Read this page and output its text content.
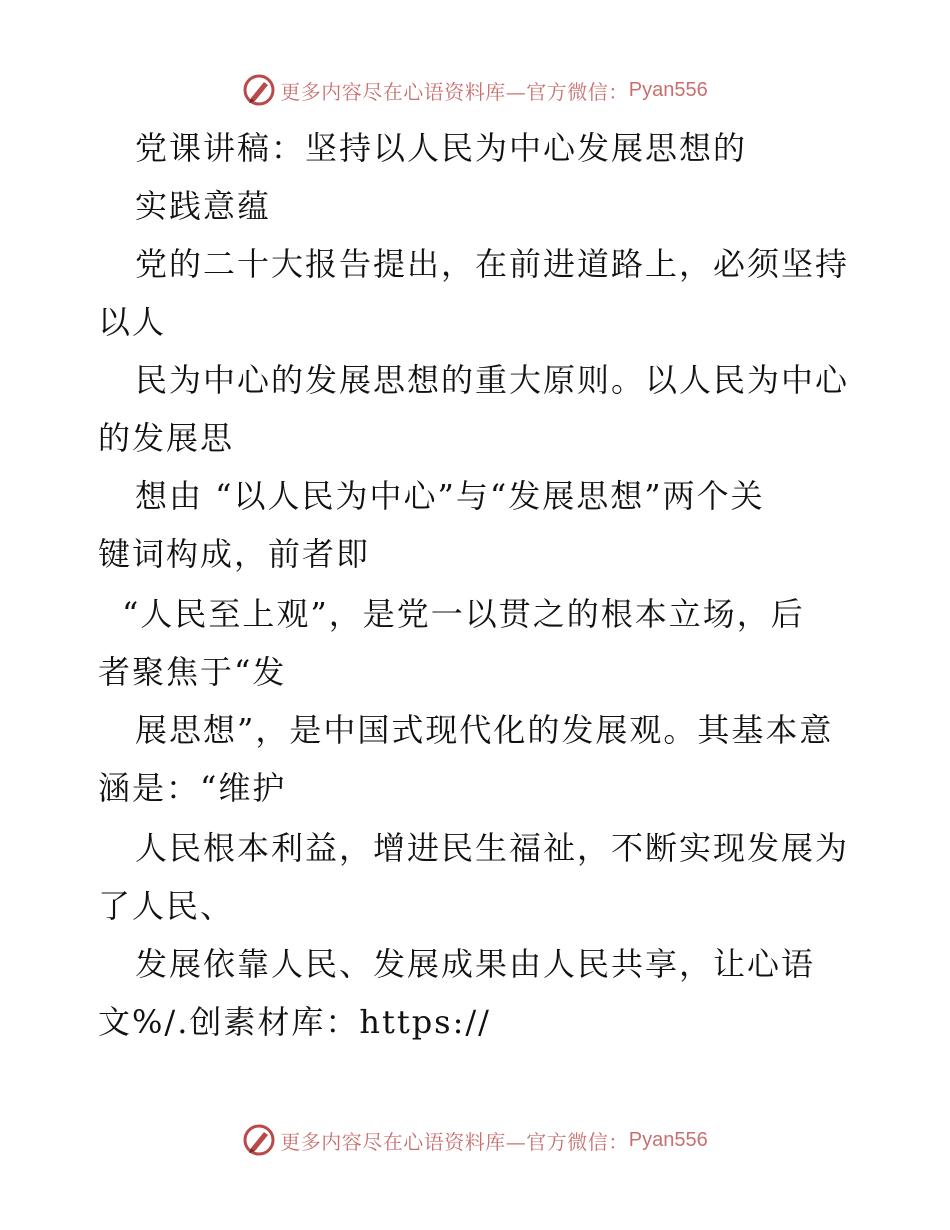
更多内容尽在心语资料库—官方微信： Pyan556
党课讲稿：坚持以人民为中心发展思想的
实践意蕴
党的二十大报告提出，在前进道路上，必须坚持
以人
民为中心的发展思想的重大原则。以人民为中心
的发展思
想由 “以人民为中心”与“发展思想”两个关
键词构成，前者即
“人民至上观”，是党一以贯之的根本立场，后
者聚焦于“发
展思想”，是中国式现代化的发展观。其基本意
涵是：“维护
人民根本利益，增进民生福祉，不断实现发展为
了人民、
发展依靠人民、发展成果由人民共享，让心语
文%/.创素材库：https://
更多内容尽在心语资料库—官方微信： Pyan556
